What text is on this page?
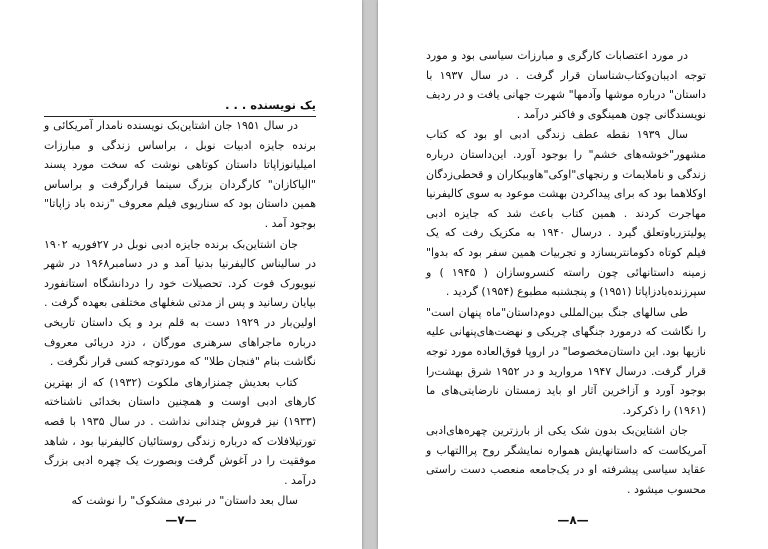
یک نویسنده . . .

در سال ۱۹۵۱ جان اشتاین‌بک نویسنده نامدار آمریکائی و برنده جایزه ادبیات نوبل ، براساس زندگی و مبارزات امیلیانوزاپاتا داستان کوتاهی نوشت که سخت مورد پسند "الیاکازان" کارگردان بزرگ سینما قرارگرفت و براساس همین داستان بود که سناریوی فیلم معروف "زنده باد زاپاتا" بوجود آمد .

جان اشتاین‌بک برنده جایزه ادبی نوبل در ۲۷فوریه ۱۹۰۲ در سالیناس کالیفرنیا بدنیا آمد و در دسامبر۱۹۶۸ در شهر نیویورک فوت کرد. تحصیلات خود را دردانشگاه استانفورد بپایان رسانید و پس از مدتی شغلهای مختلفی بعهده گرفت . اولین‌بار در ۱۹۲۹ دست به قلم برد و یک داستان تاریخی درباره ماجراهای سرهنری مورگان ، دزد دریائی معروف نگاشت بنام "فنجان طلا" که موردتوجه کسی قرار نگرفت .

کتاب بعدیش چمنزارهای ملکوت (۱۹۳۲) که از بهترین کارهای ادبی اوست و همچنین داستان بخدائی ناشناخته (۱۹۳۳) نیز فروش چندانی نداشت . در سال ۱۹۳۵ با قصه تورتیلافلات که درباره زندگی روستائیان کالیفرنیا بود ، شاهد موفقیت را در آغوش گرفت وبصورت یک چهره ادبی بزرگ درآمد .

سال بعد داستان" در نبردی مشکوک" را نوشت که

—۷—

در مورد اعتصابات کارگری و مبارزات سیاسی بود و مورد توجه ادیبان‌وکتاب‌شناسان قرار گرفت . در سال ۱۹۳۷ با داستان" درباره موشها وآدمها" شهرت جهانی یافت و در ردیف نویسندگانی چون همینگوی و فاکنر درآمد .

سال ۱۹۳۹ نقطه عطف زندگی ادبی او بود که کتاب مشهور"خوشه‌های خشم" را بوجود آورد. این‌داستان درباره زندگی و ناملایمات و رنجهای"اوکی"هاوبیکاران و قحطی‌زدگان اوکلاهما بود که برای پیداکردن بهشت موعود به سوی کالیفرنیا مهاجرت کردند . همین کتاب باعث شد که جایزه ادبی پولیتزربا‌وتعلق گیرد . درسال ۱۹۴۰ به مکزیک رفت که یک فیلم کوتاه دکومانتربسازد و تجربیات همین سفر بود که بدوا" زمینه داستانهائی چون راسته کنسروسازان ( ۱۹۴۵ ) و سپرزنده‌بادزاپاتا (۱۹۵۱) و پنجشنبه مطبوع (۱۹۵۴) گردید .

طی سالهای جنگ بین‌المللی دوم‌داستان"ماه پنهان است" را نگاشت که درمورد جنگهای چریکی و نهضت‌های‌پنهانی علیه نازیها بود. این داستان‌مخصوصا" در اروپا فوق‌العاده مورد توجه قرار گرفت. درسال ۱۹۴۷ مروارید و در ۱۹۵۲ شرق بهشت‌را بوجود آورد و آزاخرین آثار او باید زمستان نارضایتی‌های ما (۱۹۶۱) را ذکرکرد.

جان اشتاین‌بک بدون شک یکی از بارزترین چهره‌های‌ادبی آمریکاست که داستانهایش همواره نمایشگر روح پراالتهاب و عقاید سیاسی پیشرفته او در یک‌جامعه منعصب دست راستی محسوب میشود .

—۸—
